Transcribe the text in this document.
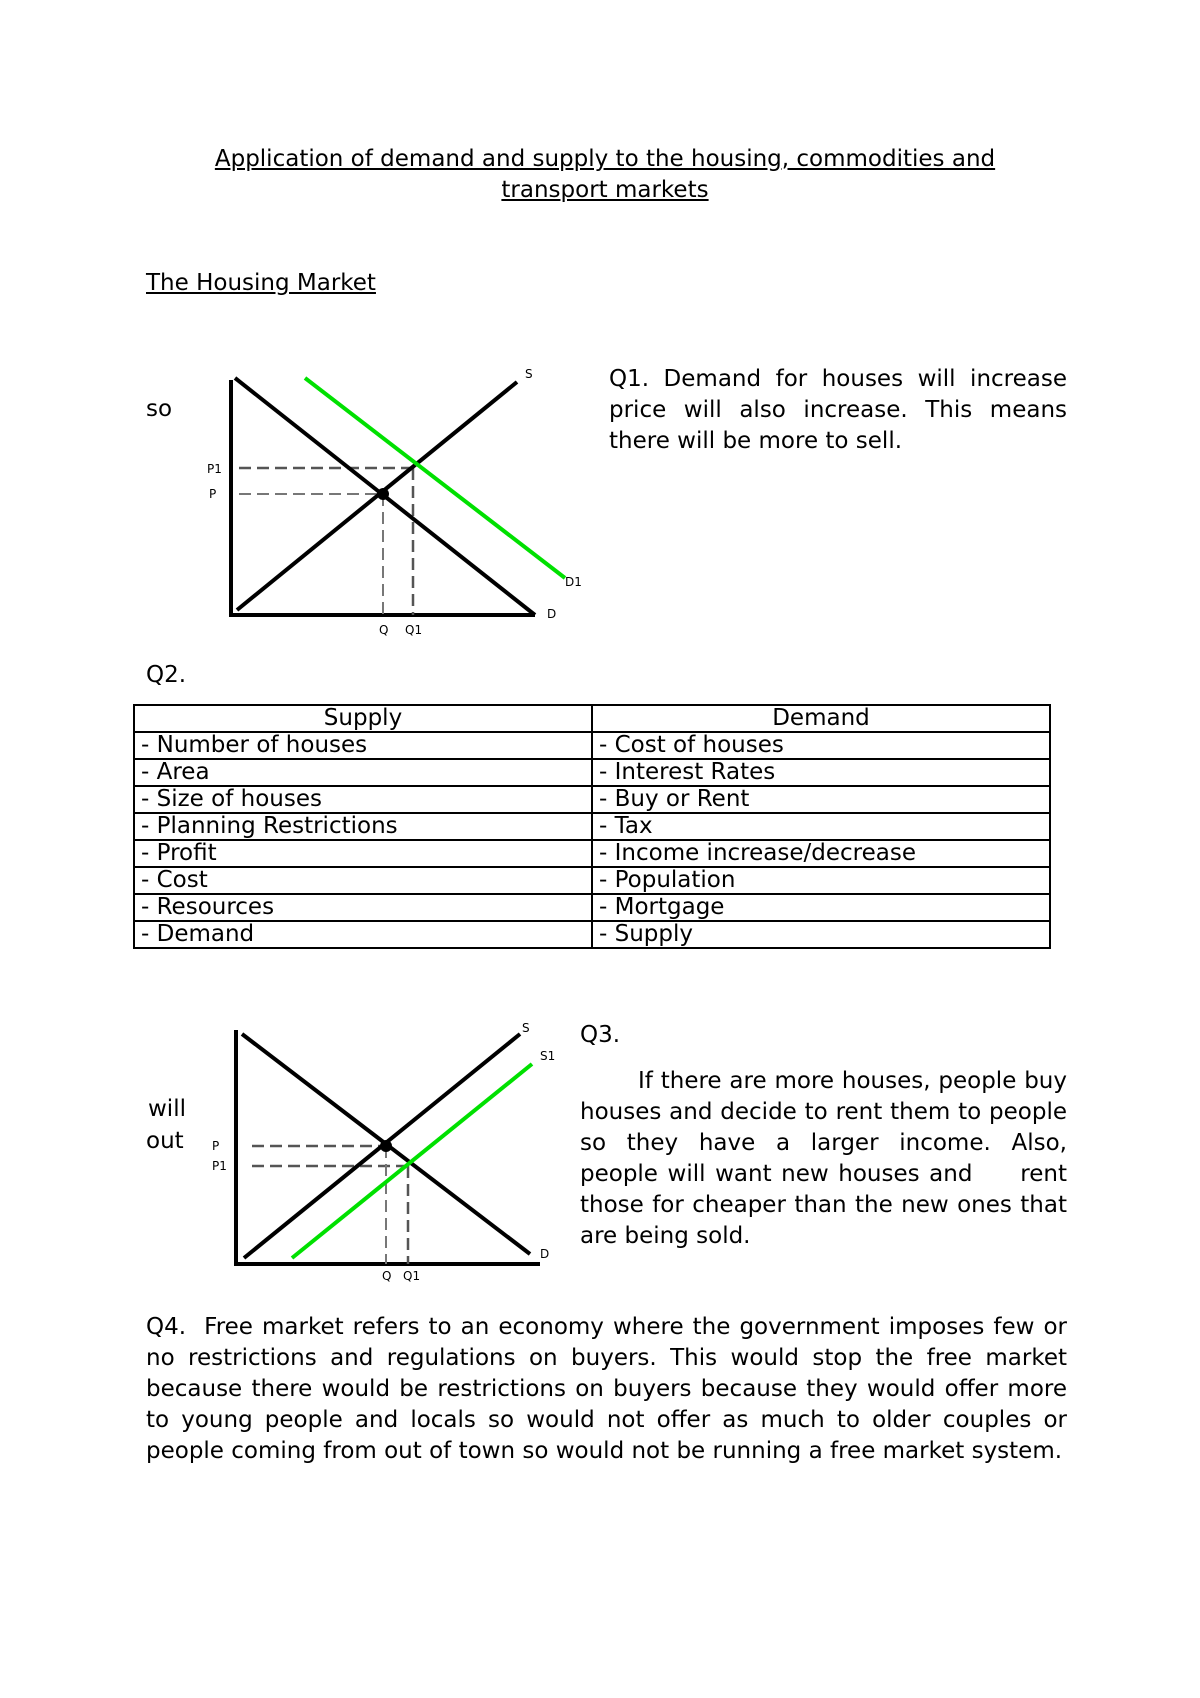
Application of demand and supply to the housing, commodities and
transport markets
The Housing Market
so
S
D1
D
P1
P
Q Q1
Q1. Demand for houses will increase price will also increase. This means there will be more to sell.
Q2.
Supply	Demand
- Number of houses	- Cost of houses
- Area	- Interest Rates
- Size of houses	- Buy or Rent
- Planning Restrictions	- Tax
- Profit	- Income increase/decrease
- Cost	- Population
- Resources	- Mortgage
- Demand	- Supply
will
out
S
S1
D
P
P1
Q Q1
Q3.
If there are more houses, people buy houses and decide to rent them to people so they have a larger income. Also, people will want new houses and     rent those for cheaper than the new ones that are being sold.
Q4.  Free market refers to an economy where the government imposes few or no restrictions and regulations on buyers. This would stop the free market because there would be restrictions on buyers because they would offer more to young people and locals so would not offer as much to older couples or people coming from out of town so would not be running a free market system.
